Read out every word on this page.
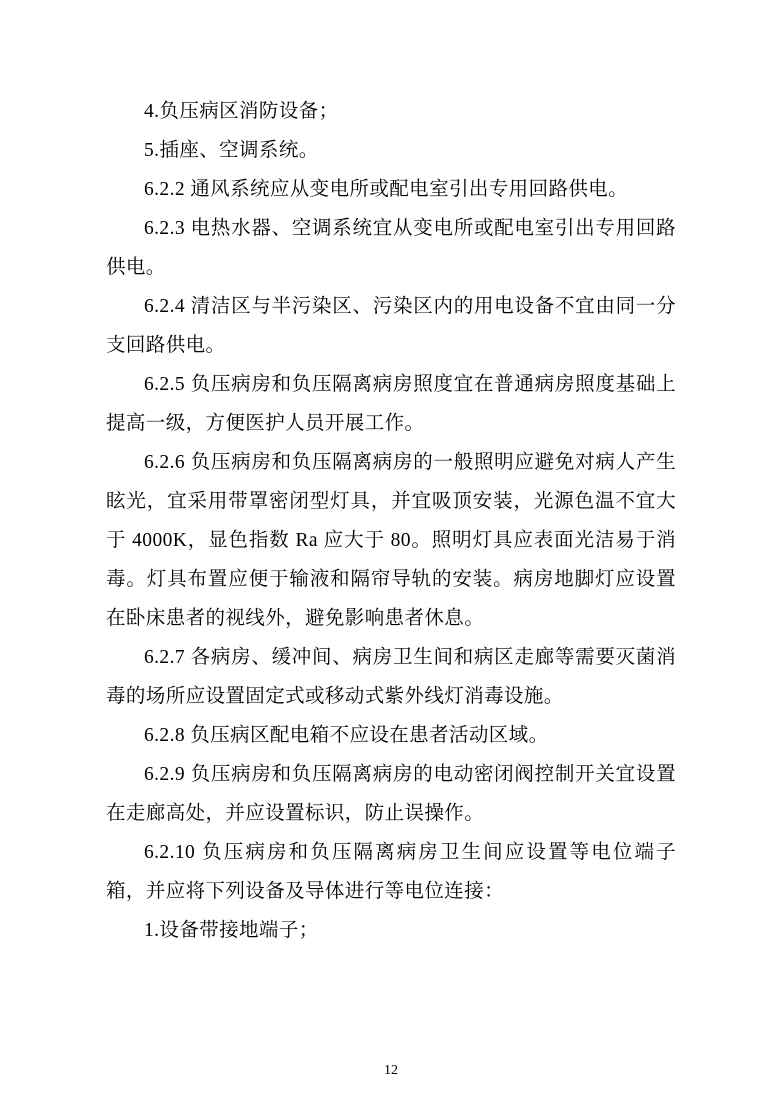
4.负压病区消防设备；

5.插座、空调系统。

6.2.2 通风系统应从变电所或配电室引出专用回路供电。

6.2.3 电热水器、空调系统宜从变电所或配电室引出专用回路供电。

6.2.4 清洁区与半污染区、污染区内的用电设备不宜由同一分支回路供电。

6.2.5 负压病房和负压隔离病房照度宜在普通病房照度基础上提高一级，方便医护人员开展工作。

6.2.6 负压病房和负压隔离病房的一般照明应避免对病人产生眩光，宜采用带罩密闭型灯具，并宜吸顶安装，光源色温不宜大于 4000K，显色指数 Ra 应大于 80。照明灯具应表面光洁易于消毒。灯具布置应便于输液和隔帘导轨的安装。病房地脚灯应设置在卧床患者的视线外，避免影响患者休息。

6.2.7 各病房、缓冲间、病房卫生间和病区走廊等需要灭菌消毒的场所应设置固定式或移动式紫外线灯消毒设施。

6.2.8 负压病区配电箱不应设在患者活动区域。

6.2.9 负压病房和负压隔离病房的电动密闭阀控制开关宜设置在走廊高处，并应设置标识，防止误操作。

6.2.10 负压病房和负压隔离病房卫生间应设置等电位端子箱，并应将下列设备及导体进行等电位连接：

1.设备带接地端子；

12
